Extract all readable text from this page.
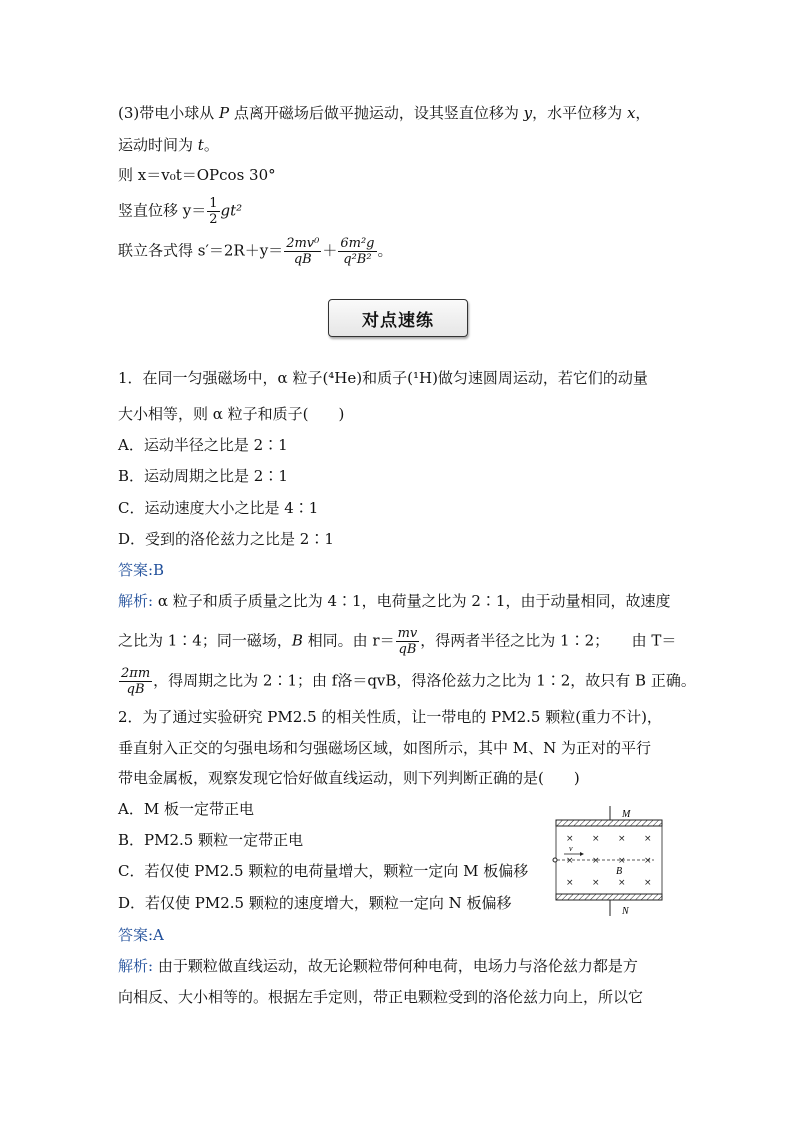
(3)带电小球从 P 点离开磁场后做平抛运动，设其竖直位移为 y，水平位移为 x，
运动时间为 t。
则 x＝v₀t＝OPcos 30°
竖直位移 $y= \frac{1}{2} gt^2$
联立各式得 $s'=2R+y= \frac{\text{2mv⁰}}{qB} + \frac{\text{6m²g}}{\text{q²B²}}$ 。
对点速练
1．在同一匀强磁场中，α 粒子(⁴He)和质子(¹H)做匀速圆周运动，若它们的动量
大小相等，则 α 粒子和质子(　　)
A．运动半径之比是 2∶1
B．运动周期之比是 2∶1
C．运动速度大小之比是 4∶1
D．受到的洛伦兹力之比是 2∶1
答案:B
解析: α 粒子和质子质量之比为 4∶1，电荷量之比为 2∶1，由于动量相同，故速度
之比为 1∶4；同一磁场，B 相同。由 $r= \frac{mv}{qB}$ ，得两者半径之比为 1∶2；　　由 T＝
$\frac{2\pi m}{qB}$ ，得周期之比为 2∶1；由 f洛＝qvB，得洛伦兹力之比为 1∶2，故只有 B 正确。
2．为了通过实验研究 PM2.5 的相关性质，让一带电的 PM2.5 颗粒(重力不计)，
垂直射入正交的匀强电场和匀强磁场区域，如图所示，其中 M、N 为正对的平行
带电金属板，观察发现它恰好做直线运动，则下列判断正确的是(　　)
A．M 板一定带正电
B．PM2.5 颗粒一定带正电
C．若仅使 PM2.5 颗粒的电荷量增大，颗粒一定向 M 板偏移
D．若仅使 PM2.5 颗粒的速度增大，颗粒一定向 N 板偏移
答案:A
解析: 由于颗粒做直线运动，故无论颗粒带何种电荷，电场力与洛伦兹力都是方
向相反、大小相等的。根据左手定则，带正电颗粒受到的洛伦兹力向上，所以它
M
N
× × × ×
× × × ×
× × × ×
v
B
